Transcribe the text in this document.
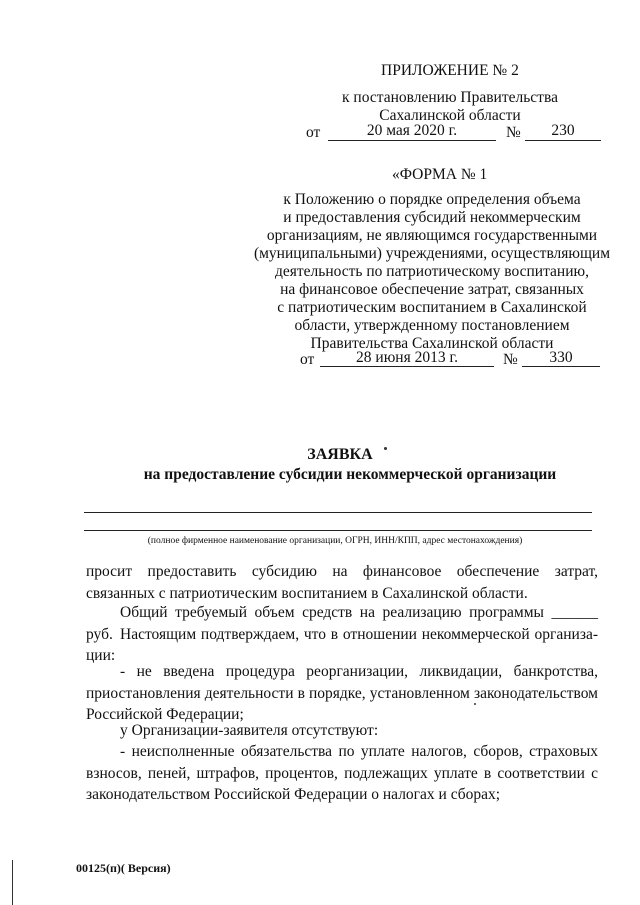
ПРИЛОЖЕНИЕ № 2
к постановлению Правительства
Сахалинской области
от	20 мая 2020 г.	№	230
«ФОРМА № 1
к Положению о порядке определения объема
и предоставления субсидий некоммерческим
организациям, не являющимся государственными
(муниципальными) учреждениями, осуществляющим
деятельность по патриотическому воспитанию,
на финансовое обеспечение затрат, связанных
с патриотическим воспитанием в Сахалинской
области, утвержденному постановлением
Правительства Сахалинской области
от	28 июня 2013 г.	№	330
ЗАЯВКА
на предоставление субсидии некоммерческой организации
(полное фирменное наименование организации, ОГРН, ИНН/КПП, адрес местонахождения)
просит предоставить субсидию на финансовое обеспечение затрат, связанных с патриотическим воспитанием в Сахалинской области.
Общий требуемый объем средств на реализацию программы ______ руб. Настоящим подтверждаем, что в отношении некоммерческой организа-
ции:
- не введена процедура реорганизации, ликвидации, банкротства, приостановления деятельности в порядке, установленном законодательством Российской Федерации;
у Организации-заявителя отсутствуют:
- неисполненные обязательства по уплате налогов, сборов, страховых взносов, пеней, штрафов, процентов, подлежащих уплате в соответствии с законодательством Российской Федерации о налогах и сборах;
00125(п)( Версия)
